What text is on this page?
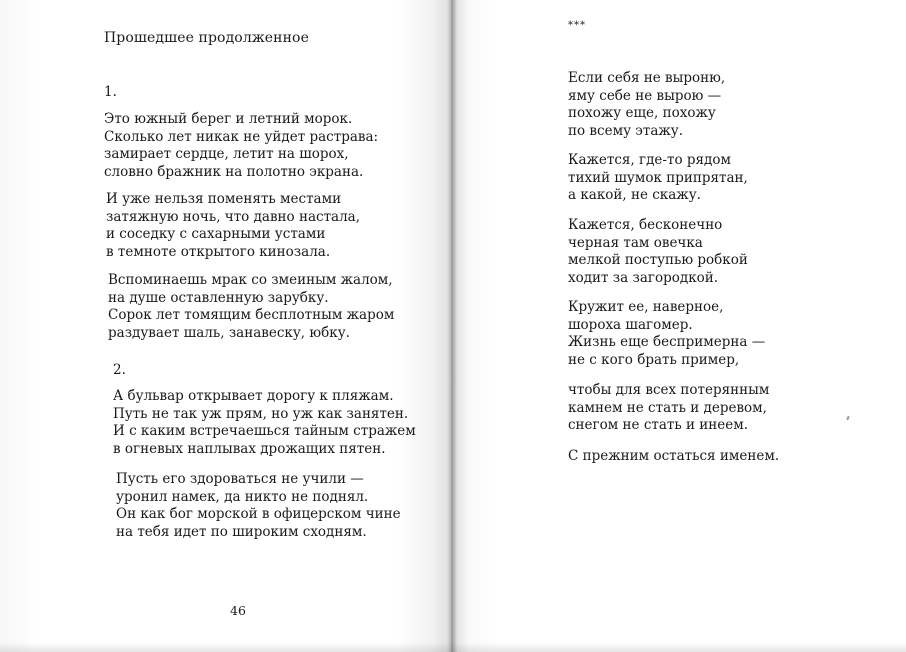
Прошедшее продолженное
1.

Это южный берег и летний морок.
Сколько лет никак не уйдет растрава:
замирает сердце, летит на шорох,
словно бражник на полотно экрана.

И уже нельзя поменять местами
затяжную ночь, что давно настала,
и соседку с сахарными устами
в темноте открытого кинозала.

Вспоминаешь мрак со змеиным жалом,
на душе оставленную зарубку.
Сорок лет томящим бесплотным жаром
раздувает шаль, занавеску, юбку.

2.

А бульвар открывает дорогу к пляжам.
Путь не так уж прям, но уж как занятен.
И с каким встречаешься тайным стражем
в огневых наплывах дрожащих пятен.

Пусть его здороваться не учили —
уронил намек, да никто не поднял.
Он как бог морской в офицерском чине
на тебя идет по широким сходням.

46
***

Если себя не выроню,
яму себе не вырою —
похожу еще, похожу
по всему этажу.

Кажется, где-то рядом
тихий шумок припрятан,
а какой, не скажу.

Кажется, бесконечно
черная там овечка
мелкой поступью робкой
ходит за загородкой.

Кружит ее, наверное,
шороха шагомер.
Жизнь еще беспримерна —
не с кого брать пример,

чтобы для всех потерянным
камнем не стать и деревом,
снегом не стать и инеем.

С прежним остаться именем.
